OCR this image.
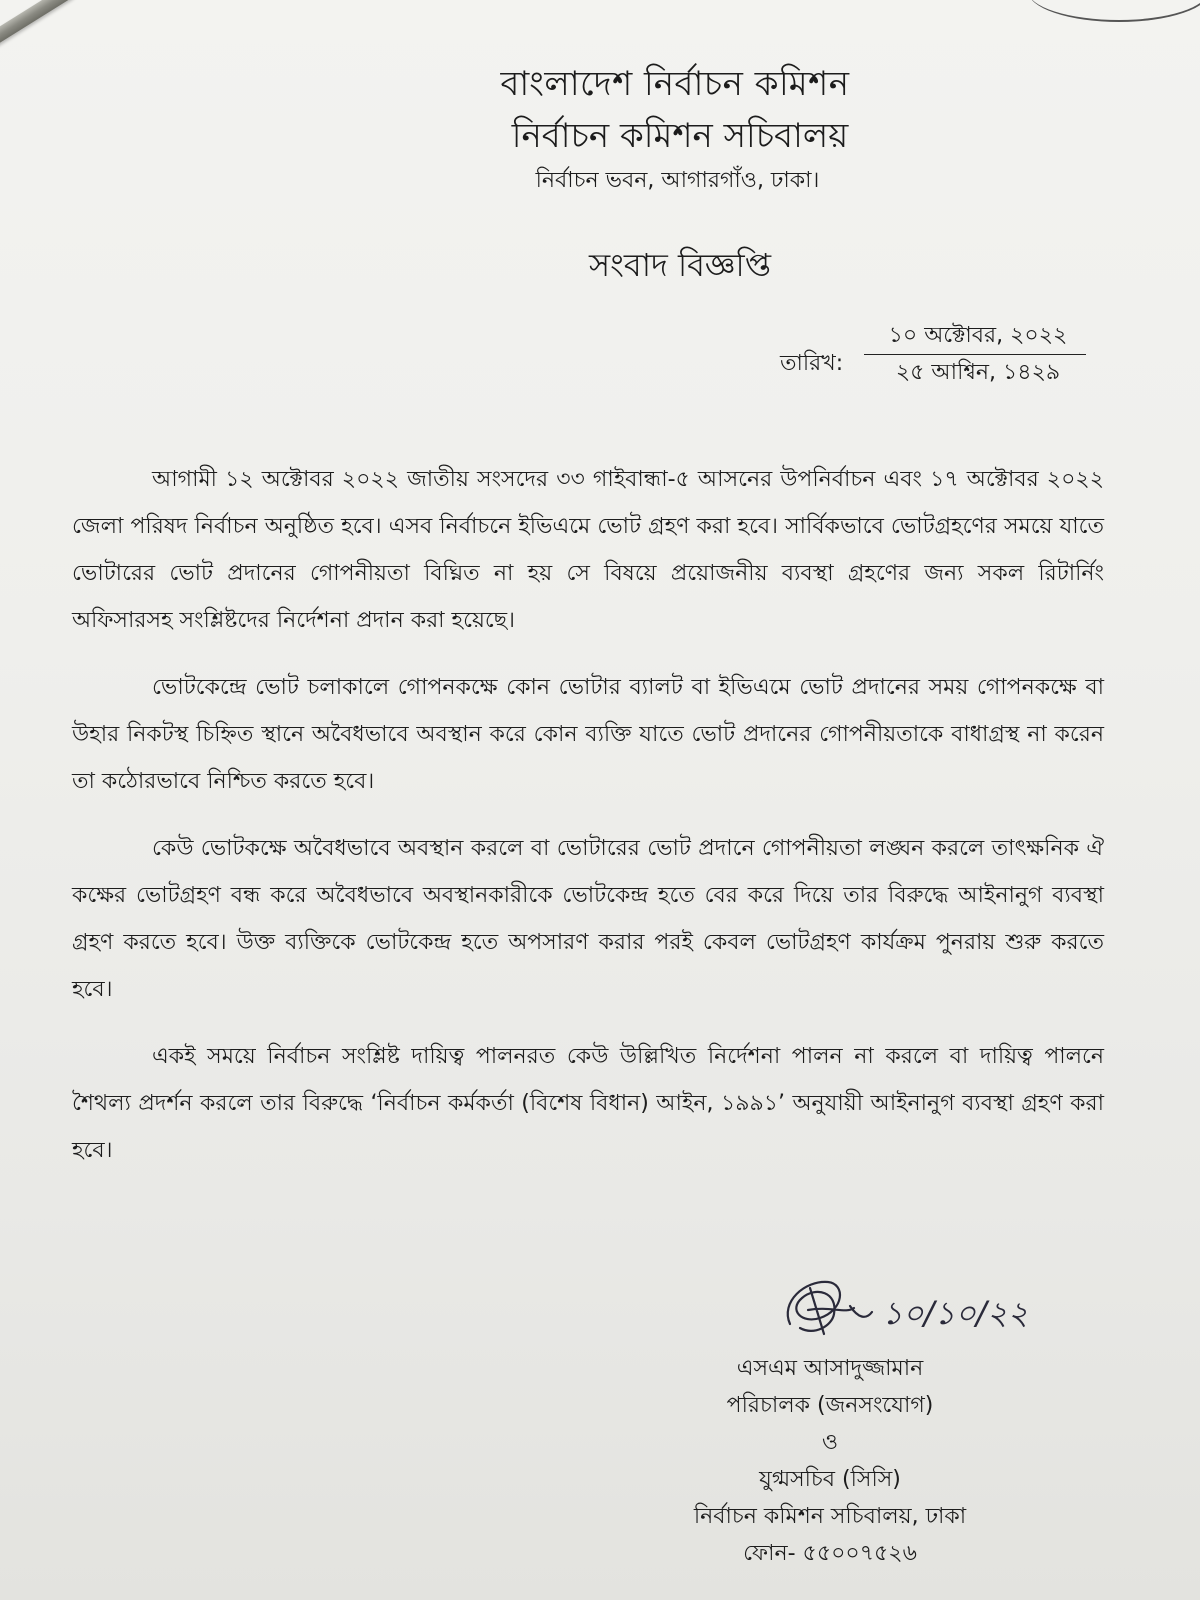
বাংলাদেশ নির্বাচন কমিশন
নির্বাচন কমিশন সচিবালয়
নির্বাচন ভবন, আগারগাঁও, ঢাকা।
সংবাদ বিজ্ঞপ্তি
তারিখ:
১০ অক্টোবর, ২০২২
২৫ আশ্বিন, ১৪২৯

আগামী ১২ অক্টোবর ২০২২ জাতীয় সংসদের ৩৩ গাইবান্ধা-৫ আসনের উপনির্বাচন এবং ১৭ অক্টোবর ২০২২ জেলা পরিষদ নির্বাচন অনুষ্ঠিত হবে। এসব নির্বাচনে ইভিএমে ভোট গ্রহণ করা হবে। সার্বিকভাবে ভোটগ্রহণের সময়ে যাতে ভোটারের ভোট প্রদানের গোপনীয়তা বিঘ্নিত না হয় সে বিষয়ে প্রয়োজনীয় ব্যবস্থা গ্রহণের জন্য সকল রিটার্নিং অফিসারসহ সংশ্লিষ্টদের নির্দেশনা প্রদান করা হয়েছে।

ভোটকেন্দ্রে ভোট চলাকালে গোপনকক্ষে কোন ভোটার ব্যালট বা ইভিএমে ভোট প্রদানের সময় গোপনকক্ষে বা উহার নিকটস্থ চিহ্নিত স্থানে অবৈধভাবে অবস্থান করে কোন ব্যক্তি যাতে ভোট প্রদানের গোপনীয়তাকে বাধাগ্রস্থ না করেন তা কঠোরভাবে নিশ্চিত করতে হবে।

কেউ ভোটকক্ষে অবৈধভাবে অবস্থান করলে বা ভোটারের ভোট প্রদানে গোপনীয়তা লঙ্ঘন করলে তাৎক্ষনিক ঐ কক্ষের ভোটগ্রহণ বন্ধ করে অবৈধভাবে অবস্থানকারীকে ভোটকেন্দ্র হতে বের করে দিয়ে তার বিরুদ্ধে আইনানুগ ব্যবস্থা গ্রহণ করতে হবে। উক্ত ব্যক্তিকে ভোটকেন্দ্র হতে অপসারণ করার পরই কেবল ভোটগ্রহণ কার্যক্রম পুনরায় শুরু করতে হবে।

একই সময়ে নির্বাচন সংশ্লিষ্ট দায়িত্ব পালনরত কেউ উল্লিখিত নির্দেশনা পালন না করলে বা দায়িত্ব পালনে শৈথল্য প্রদর্শন করলে তার বিরুদ্ধে ‘নির্বাচন কর্মকর্তা (বিশেষ বিধান) আইন, ১৯৯১’ অনুযায়ী আইনানুগ ব্যবস্থা গ্রহণ করা হবে।

১০/১০/২২
এসএম আসাদুজ্জামান
পরিচালক (জনসংযোগ)
ও
যুগ্মসচিব (সিসি)
নির্বাচন কমিশন সচিবালয়, ঢাকা
ফোন- ৫৫০০৭৫২৬
